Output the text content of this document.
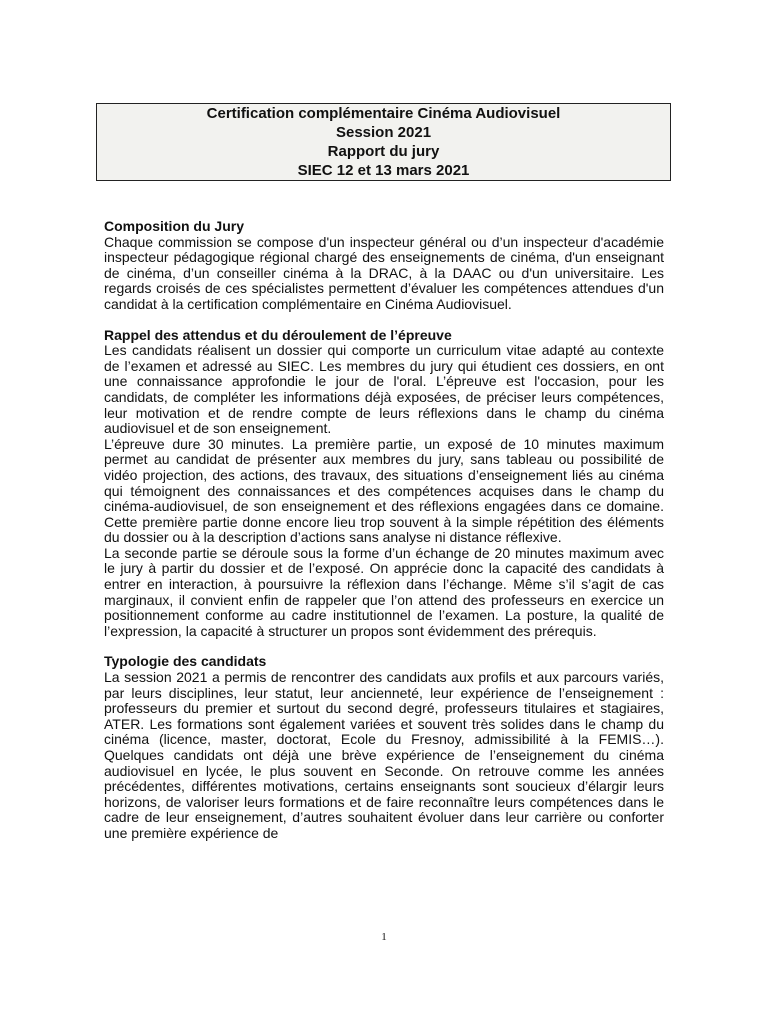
Certification complémentaire Cinéma Audiovisuel
Session 2021
Rapport du jury
SIEC 12 et 13 mars 2021
Composition du Jury

Chaque commission se compose d'un inspecteur général ou d’un inspecteur d'académie inspecteur pédagogique régional chargé des enseignements de cinéma, d'un enseignant de cinéma, d’un conseiller cinéma à la DRAC, à la DAAC ou d'un universitaire. Les regards croisés de ces spécialistes permettent d’évaluer les compétences attendues d'un candidat à la certification complémentaire en Cinéma Audiovisuel.

Rappel des attendus et du déroulement de l’épreuve

Les candidats réalisent un dossier qui comporte un curriculum vitae adapté au contexte de l’examen et adressé au SIEC. Les membres du jury qui étudient ces dossiers, en ont une connaissance approfondie le jour de l'oral. L’épreuve est l'occasion, pour les candidats, de compléter les informations déjà exposées, de préciser leurs compétences, leur motivation et de rendre compte de leurs réflexions dans le champ du cinéma audiovisuel et de son enseignement.

L’épreuve dure 30 minutes. La première partie, un exposé de 10 minutes maximum permet au candidat de présenter aux membres du jury, sans tableau ou possibilité de vidéo projection, des actions, des travaux, des situations d’enseignement liés au cinéma qui témoignent des connaissances et des compétences acquises dans le champ du cinéma-audiovisuel, de son enseignement et des réflexions engagées dans ce domaine. Cette première partie donne encore lieu trop souvent à la simple répétition des éléments du dossier ou à la description d’actions sans analyse ni distance réflexive.

La seconde partie se déroule sous la forme d’un échange de 20 minutes maximum avec le jury à partir du dossier et de l’exposé. On apprécie donc la capacité des candidats à entrer en interaction, à poursuivre la réflexion dans l’échange. Même s’il s’agit de cas marginaux, il convient enfin de rappeler que l’on attend des professeurs en exercice un positionnement conforme au cadre institutionnel de l’examen. La posture, la qualité de l’expression, la capacité à structurer un propos sont évidemment des prérequis.

Typologie des candidats

La session 2021 a permis de rencontrer des candidats aux profils et aux parcours variés, par leurs disciplines, leur statut, leur ancienneté, leur expérience de l’enseignement : professeurs du premier et surtout du second degré, professeurs titulaires et stagiaires, ATER. Les formations sont également variées et souvent très solides dans le champ du cinéma (licence, master, doctorat, Ecole du Fresnoy, admissibilité à la FEMIS…). Quelques candidats ont déjà une brève expérience de l’enseignement du cinéma audiovisuel en lycée, le plus souvent en Seconde. On retrouve comme les années précédentes, différentes motivations, certains enseignants sont soucieux d’élargir leurs horizons, de valoriser leurs formations et de faire reconnaître leurs compétences dans le cadre de leur enseignement, d’autres souhaitent évoluer dans leur carrière ou conforter une première expérience de

1
